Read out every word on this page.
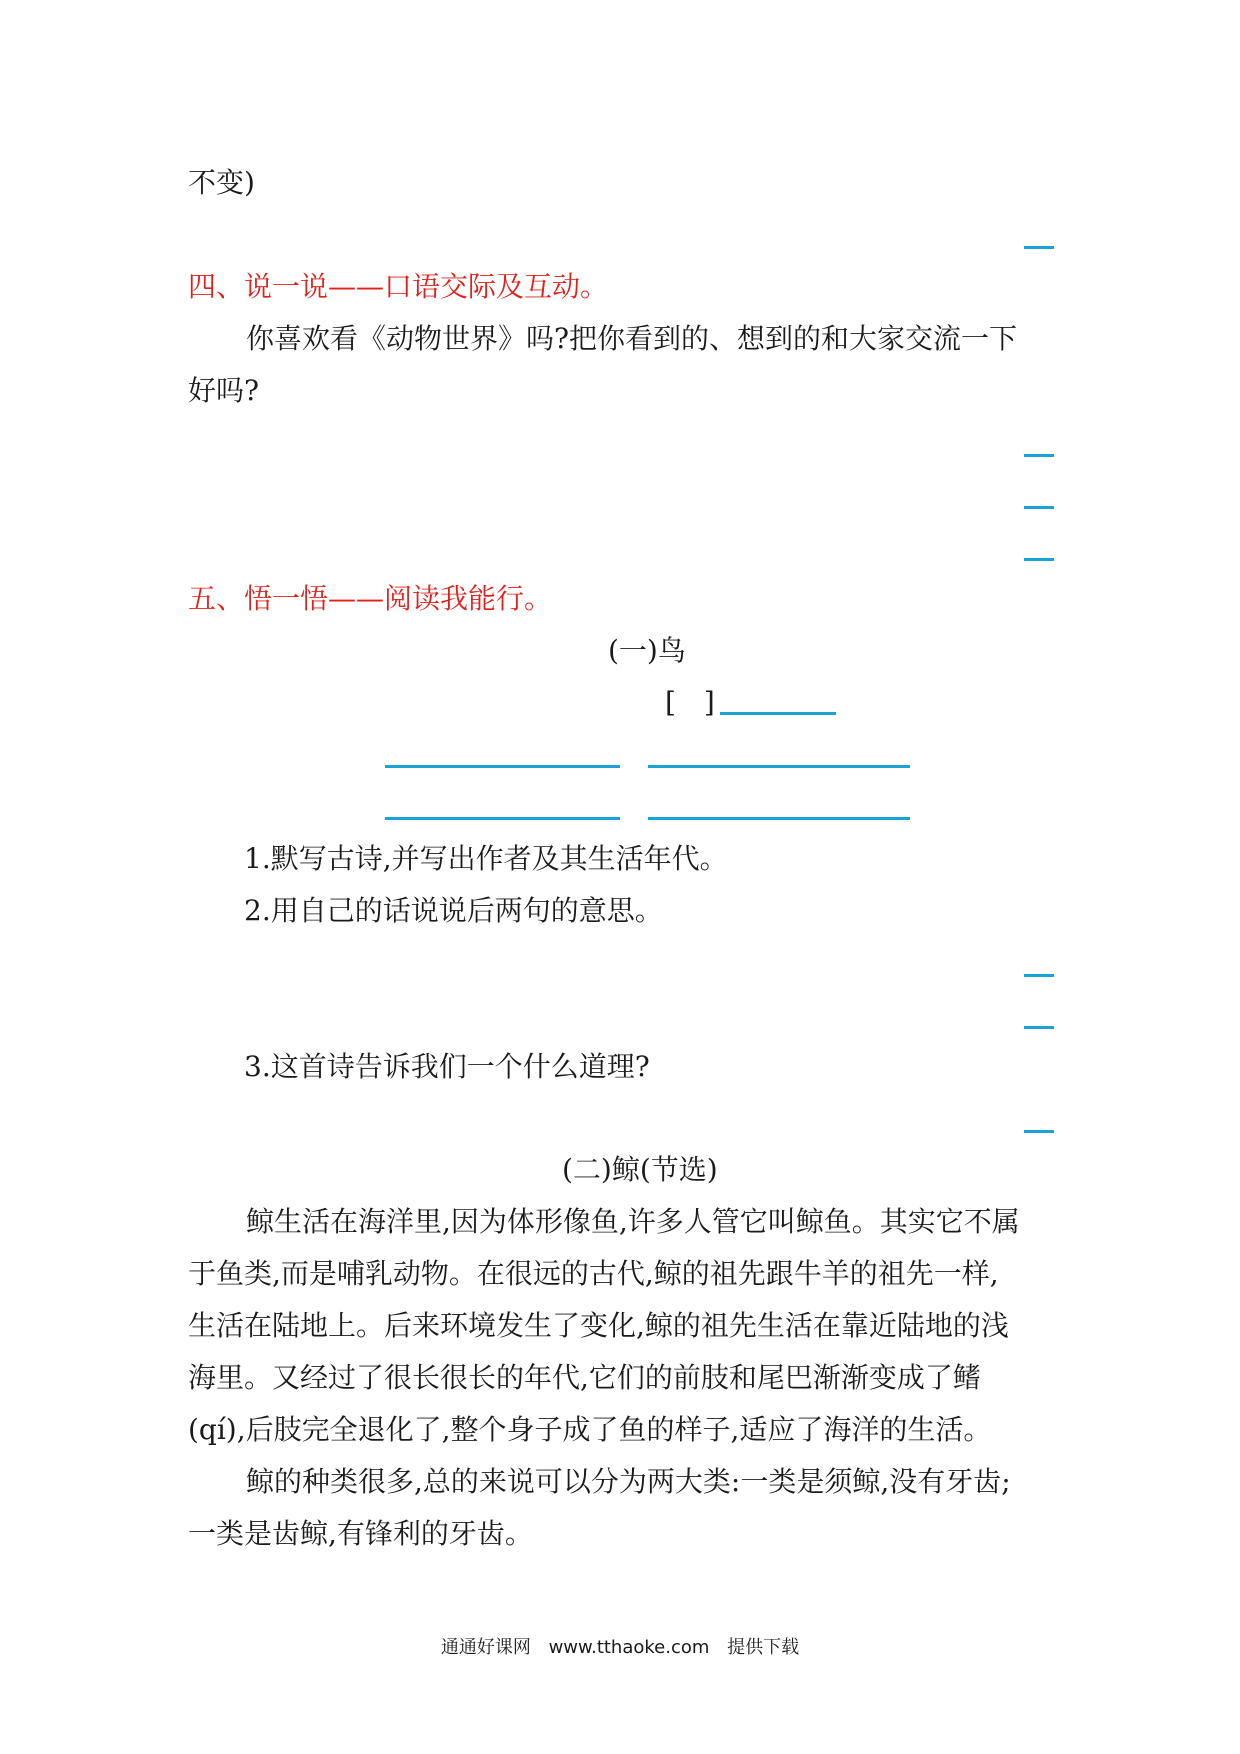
不变)
四、说一说——口语交际及互动。
你喜欢看《动物世界》吗?把你看到的、想到的和大家交流一下
好吗?
五、悟一悟——阅读我能行。
(一)鸟
[　]
1.默写古诗,并写出作者及其生活年代。
2.用自己的话说说后两句的意思。
3.这首诗告诉我们一个什么道理?
(二)鲸(节选)
鲸生活在海洋里,因为体形像鱼,许多人管它叫鲸鱼。其实它不属
于鱼类,而是哺乳动物。在很远的古代,鲸的祖先跟牛羊的祖先一样,
生活在陆地上。后来环境发生了变化,鲸的祖先生活在靠近陆地的浅
海里。又经过了很长很长的年代,它们的前肢和尾巴渐渐变成了鳍
(qí),后肢完全退化了,整个身子成了鱼的样子,适应了海洋的生活。
鲸的种类很多,总的来说可以分为两大类:一类是须鲸,没有牙齿;
一类是齿鲸,有锋利的牙齿。
通通好课网 www.tthaoke.com 提供下载
